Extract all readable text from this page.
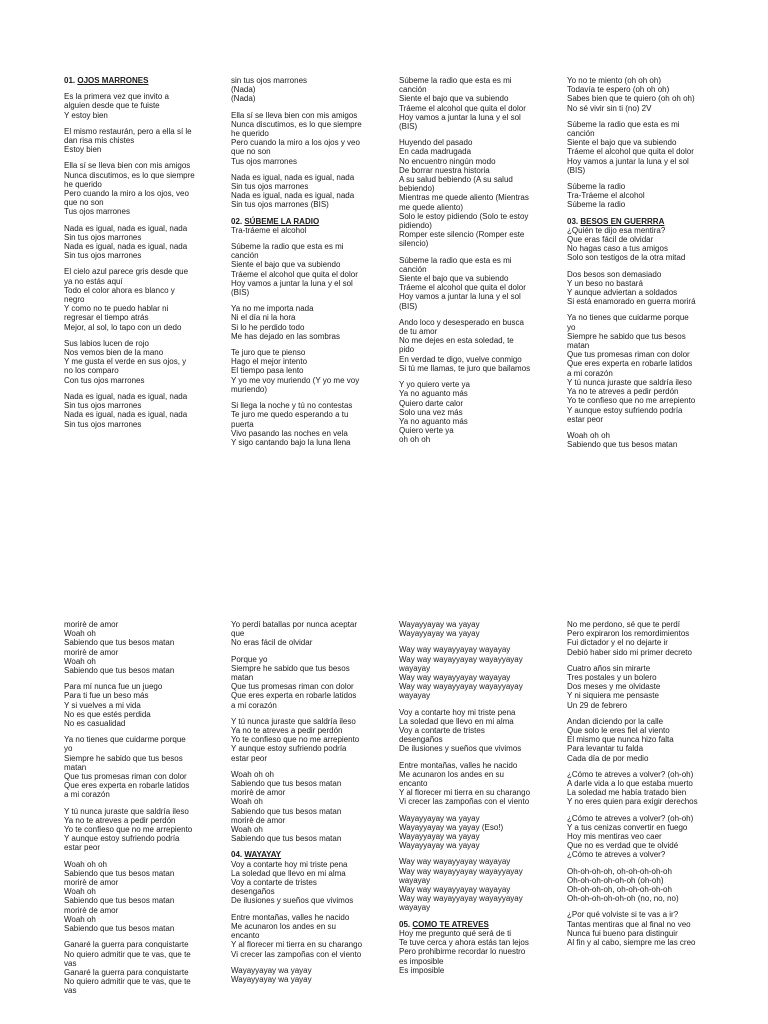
01. OJOS MARRONES

Es la primera vez que invito a
alguien desde que te fuiste
Y estoy bien

El mismo restaurán, pero a ella sí le
dan risa mis chistes
Estoy bien

Ella sí se lleva bien con mis amigos
Nunca discutimos, es lo que siempre
he querido
Pero cuando la miro a los ojos, veo
que no son
Tus ojos marrones

Nada es igual, nada es igual, nada
Sin tus ojos marrones
Nada es igual, nada es igual, nada
Sin tus ojos marrones

El cielo azul parece gris desde que
ya no estás aquí
Todo el color ahora es blanco y
negro
Y como no te puedo hablar ni
regresar el tiempo atrás
Mejor, al sol, lo tapo con un dedo

Sus labios lucen de rojo
Nos vemos bien de la mano
Y me gusta el verde en sus ojos, y
no los comparo
Con tus ojos marrones

Nada es igual, nada es igual, nada
Sin tus ojos marrones
Nada es igual, nada es igual, nada
Sin tus ojos marrones

sin tus ojos marrones
(Nada)
(Nada)

Ella sí se lleva bien con mis amigos
Nunca discutimos, es lo que siempre
he querido
Pero cuando la miro a los ojos y veo
que no son
Tus ojos marrones

Nada es igual, nada es igual, nada
Sin tus ojos marrones
Nada es igual, nada es igual, nada
Sin tus ojos marrones (BIS)

02. SÚBEME LA RADIO

Tra-tráeme el alcohol

Súbeme la radio que esta es mi
canción
Siente el bajo que va subiendo
Tráeme el alcohol que quita el dolor
Hoy vamos a juntar la luna y el sol
(BIS)

Ya no me importa nada
Ni el día ni la hora
Si lo he perdido todo
Me has dejado en las sombras

Te juro que te pienso
Hago el mejor intento
El tiempo pasa lento
Y yo me voy muriendo (Y yo me voy
muriendo)

Si llega la noche y tú no contestas
Te juro me quedo esperando a tu
puerta
Vivo pasando las noches en vela
Y sigo cantando bajo la luna llena

Súbeme la radio que esta es mi
canción
Siente el bajo que va subiendo
Tráeme el alcohol que quita el dolor
Hoy vamos a juntar la luna y el sol
(BIS)

Huyendo del pasado
En cada madrugada
No encuentro ningún modo
De borrar nuestra historia
A su salud bebiendo (A su salud
bebiendo)
Mientras me quede aliento (Mientras
me quede aliento)
Solo le estoy pidiendo (Solo te estoy
pidiendo)
Romper este silencio (Romper este
silencio)

Súbeme la radio que esta es mi
canción
Siente el bajo que va subiendo
Tráeme el alcohol que quita el dolor
Hoy vamos a juntar la luna y el sol
(BIS)

Ando loco y desesperado en busca
de tu amor
No me dejes en esta soledad, te
pido
En verdad te digo, vuelve conmigo
Si tú me llamas, te juro que bailamos

Y yo quiero verte ya
Ya no aguanto más
Quiero darte calor
Solo una vez más
Ya no aguanto más
Quiero verte ya
oh oh oh

Yo no te miento (oh oh oh)
Todavía te espero (oh oh oh)
Sabes bien que te quiero (oh oh oh)
No sé vivir sin ti (no) 2V

Súbeme la radio que esta es mi
canción
Siente el bajo que va subiendo
Tráeme el alcohol que quita el dolor
Hoy vamos a juntar la luna y el sol
(BIS)

Súbeme la radio
Tra-Tráeme el alcohol
Súbeme la radio

03. BESOS EN GUERRRA

¿Quién te dijo esa mentira?
Que eras fácil de olvidar
No hagas caso a tus amigos
Solo son testigos de la otra mitad

Dos besos son demasiado
Y un beso no bastará
Y aunque adviertan a soldados
Si está enamorado en guerra morirá

Ya no tienes que cuidarme porque
yo
Siempre he sabido que tus besos
matan
Que tus promesas riman con dolor
Que eres experta en robarle latidos
a mi corazón
Y tú nunca juraste que saldría ileso
Ya no te atreves a pedir perdón
Yo te confieso que no me arrepiento
Y aunque estoy sufriendo podría
estar peor

Woah oh oh
Sabiendo que tus besos matan

morirè de amor
Woah oh
Sabiendo que tus besos matan
morirè de amor
Woah oh
Sabiendo que tus besos matan

Para mí nunca fue un juego
Para ti fue un beso más
Y si vuelves a mi vida
No es que estés perdida
No es casualidad

Ya no tienes que cuidarme porque
yo
Siempre he sabido que tus besos
matan
Que tus promesas riman con dolor
Que eres experta en robarle latidos
a mi corazón

Y tú nunca juraste que saldría ileso
Ya no te atreves a pedir perdón
Yo te confieso que no me arrepiento
Y aunque estoy sufriendo podría
estar peor

Woah oh oh
Sabiendo que tus besos matan
morirè de amor
Woah oh
Sabiendo que tus besos matan
morirè de amor
Woah oh
Sabiendo que tus besos matan

Ganaré la guerra para conquistarte
No quiero admitir que te vas, que te
vas
Ganaré la guerra para conquistarte
No quiero admitir que te vas, que te
vas

Yo perdí batallas por nunca aceptar
que
No eras fácil de olvidar

Porque yo
Siempre he sabido que tus besos
matan
Que tus promesas riman con dolor
Que eres experta en robarle latidos
a mi corazón

Y tú nunca juraste que saldría ileso
Ya no te atreves a pedir perdón
Yo te confieso que no me arrepiento
Y aunque estoy sufriendo podría
estar peor

Woah oh oh
Sabiendo que tus besos matan
morirè de amor
Woah oh
Sabiendo que tus besos matan
morirè de amor
Woah oh
Sabiendo que tus besos matan

04. WAYAYAY

Voy a contarte hoy mi triste pena
La soledad que llevo en mi alma
Voy a contarte de tristes
desengaños
De ilusiones y sueños que vivimos

Entre montañas, valles he nacido
Me acunaron los andes en su
encanto
Y al florecer mi tierra en su charango
Vi crecer las zampoñas con el viento

Wayayyayay wa yayay
Wayayyayay wa yayay

Wayayyayay wa yayay
Wayayyayay wa yayay

Way way wayayyayay wayayay
Way way wayayyayay wayayyayay
wayayay
Way way wayayyayay wayayay
Way way wayayyayay wayayyayay
wayayay

Voy a contarte hoy mi triste pena
La soledad que llevo en mi alma
Voy a contarte de tristes
desengaños
De ilusiones y sueños que vivimos

Entre montañas, valles he nacido
Me acunaron los andes en su
encanto
Y al florecer mi tierra en su charango
Vi crecer las zampoñas con el viento

Wayayyayay wa yayay
Wayayyayay wa yayay (Eso!)
Wayayyayay wa yayay
Wayayyayay wa yayay

Way way wayayyayay wayayay
Way way wayayyayay wayayyayay
wayayay
Way way wayayyayay wayayay
Way way wayayyayay wayayyayay
wayayay

05. COMO TE ATREVES

Hoy me pregunto qué será de ti
Te tuve cerca y ahora estás tan lejos
Pero prohibirme recordar lo nuestro
es imposible
Es imposible

No me perdono, sé que te perdí
Pero expiraron los remordimientos
Fui dictador y el no dejarte ir
Debió haber sido mi primer decreto

Cuatro años sin mirarte
Tres postales y un bolero
Dos meses y me olvidaste
Y ni siquiera me pensaste
Un 29 de febrero

Andan diciendo por la calle
Que solo le eres fiel al viento
El mismo que nunca hizo falta
Para levantar tu falda
Cada día de por medio

¿Cómo te atreves a volver? (oh-oh)
A darle vida a lo que estaba muerto
La soledad me había tratado bien
Y no eres quien para exigir derechos

¿Cómo te atreves a volver? (oh-oh)
Y a tus cenizas convertir en fuego
Hoy mis mentiras veo caer
Que no es verdad que te olvidé
¿Cómo te atreves a volver?

Oh-oh-oh-oh, oh-oh-oh-oh-oh
Oh-oh-oh-oh-oh-oh (oh-oh)
Oh-oh-oh-oh, oh-oh-oh-oh-oh
Oh-oh-oh-oh-oh-oh (no, no, no)

¿Por qué volviste si te vas a ir?
Tantas mentiras que al final no veo
Nunca fui bueno para distinguir
Al fin y al cabo, siempre me las creo
